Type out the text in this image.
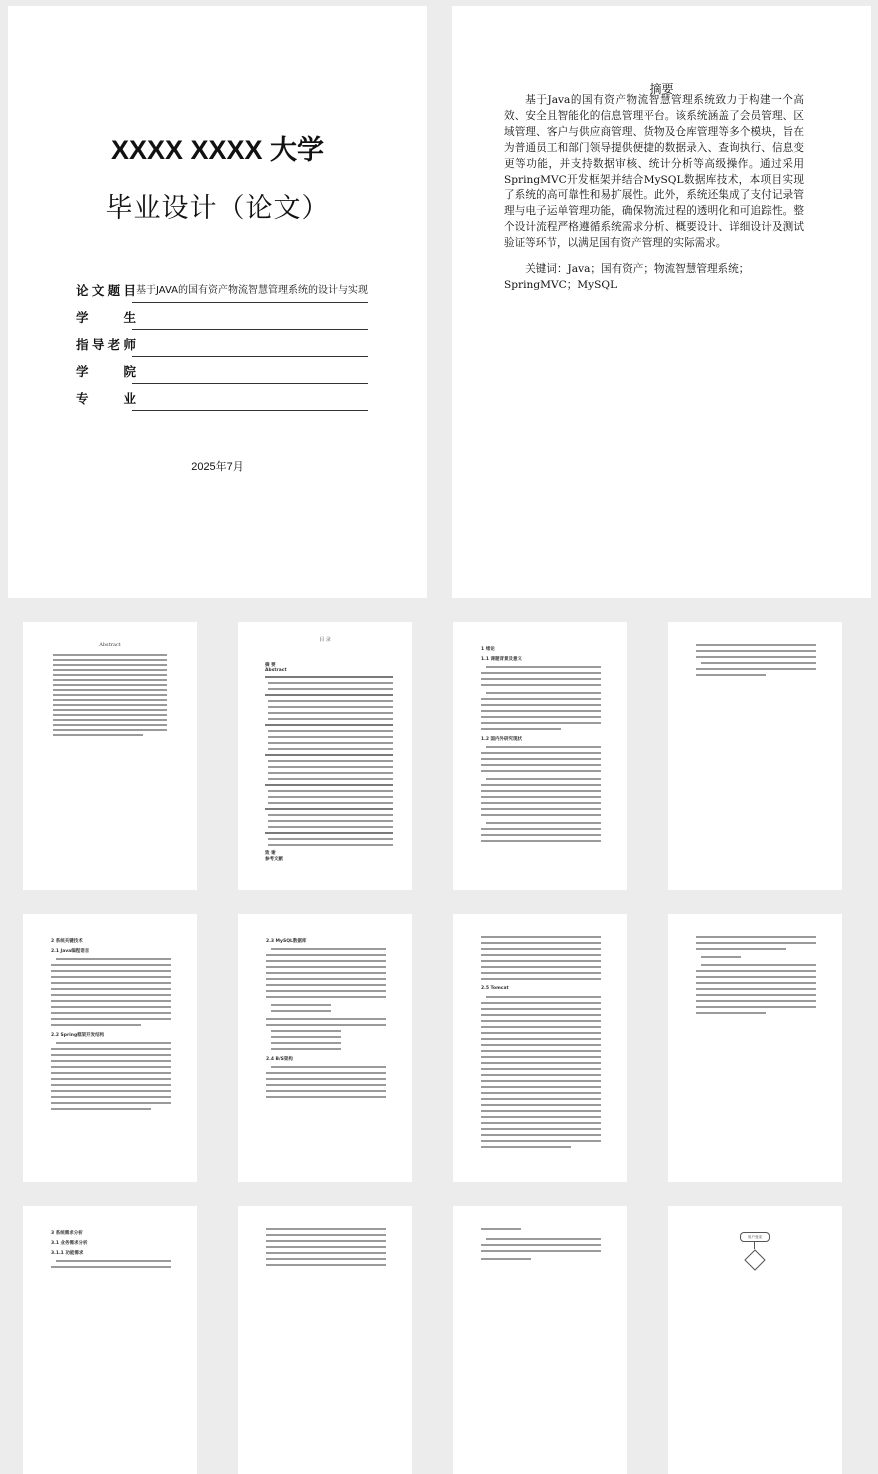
XXXX XXXX 大学
毕业设计（论文）
论文题目 基于JAVA的国有资产物流智慧管理系统的设计与实现
学生
指导老师
学院
专业
2025年7月
摘要

基于Java的国有资产物流智慧管理系统致力于构建一个高效、安全且智能化的信息管理平台。该系统涵盖了会员管理、区域管理、客户与供应商管理、货物及仓库管理等多个模块，旨在为普通员工和部门领导提供便捷的数据录入、查询执行、信息变更等功能，并支持数据审核、统计分析等高级操作。通过采用SpringMVC开发框架并结合MySQL数据库技术，本项目实现了系统的高可靠性和易扩展性。此外，系统还集成了支付记录管理与电子运单管理功能，确保物流过程的透明化和可追踪性。整个设计流程严格遵循系统需求分析、概要设计、详细设计及测试验证等环节，以满足国有资产管理的实际需求。

关键词：Java；国有资产；物流智慧管理系统；SpringMVC；MySQL

Abstract
目 录
摘 要
Abstract
致 谢
参考文献
1 绪论
1.1 课题背景及意义
1.2 国内外研究现状
2 系统关键技术
2.1 Java编程语言
2.2 Spring框架开发结构
2.3 MySQL数据库
2.4 B/S架构
2.5 Tomcat
3 系统需求分析
3.1 业务需求分析
3.1.1 功能需求
用户登录
